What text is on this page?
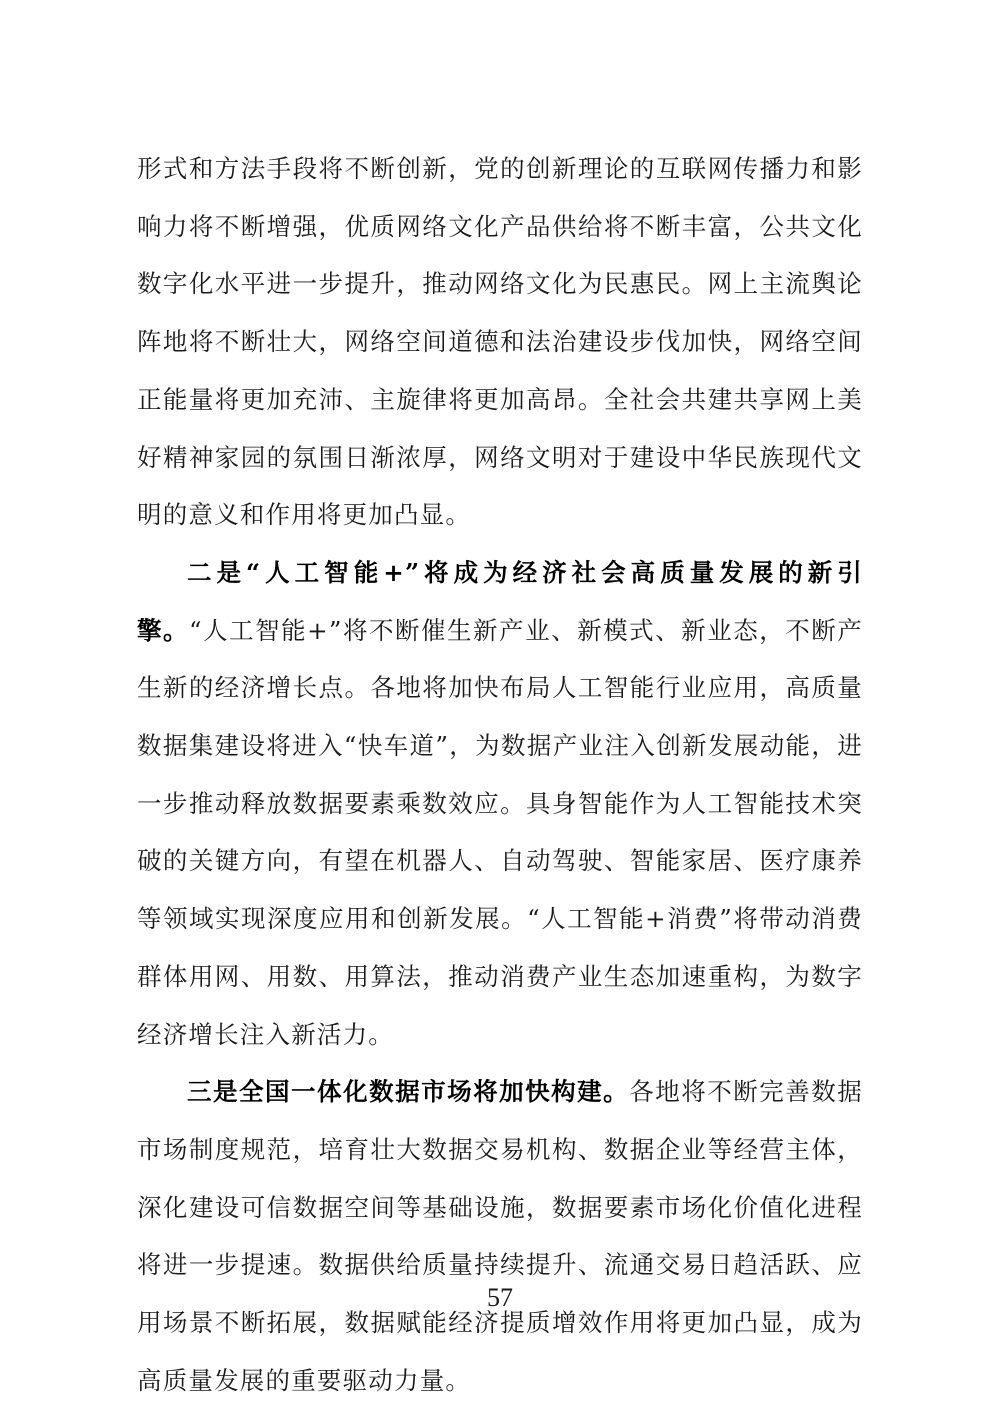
形式和方法手段将不断创新，党的创新理论的互联网传播力和影响力将不断增强，优质网络文化产品供给将不断丰富，公共文化数字化水平进一步提升，推动网络文化为民惠民。网上主流舆论阵地将不断壮大，网络空间道德和法治建设步伐加快，网络空间正能量将更加充沛、主旋律将更加高昂。全社会共建共享网上美好精神家园的氛围日渐浓厚，网络文明对于建设中华民族现代文明的意义和作用将更加凸显。

二是“人工智能+”将成为经济社会高质量发展的新引擎。“人工智能+”将不断催生新产业、新模式、新业态，不断产生新的经济增长点。各地将加快布局人工智能行业应用，高质量数据集建设将进入“快车道”，为数据产业注入创新发展动能，进一步推动释放数据要素乘数效应。具身智能作为人工智能技术突破的关键方向，有望在机器人、自动驾驶、智能家居、医疗康养等领域实现深度应用和创新发展。“人工智能+消费”将带动消费群体用网、用数、用算法，推动消费产业生态加速重构，为数字经济增长注入新活力。

三是全国一体化数据市场将加快构建。各地将不断完善数据市场制度规范，培育壮大数据交易机构、数据企业等经营主体，深化建设可信数据空间等基础设施，数据要素市场化价值化进程将进一步提速。数据供给质量持续提升、流通交易日趋活跃、应用场景不断拓展，数据赋能经济提质增效作用将更加凸显，成为高质量发展的重要驱动力量。

57
